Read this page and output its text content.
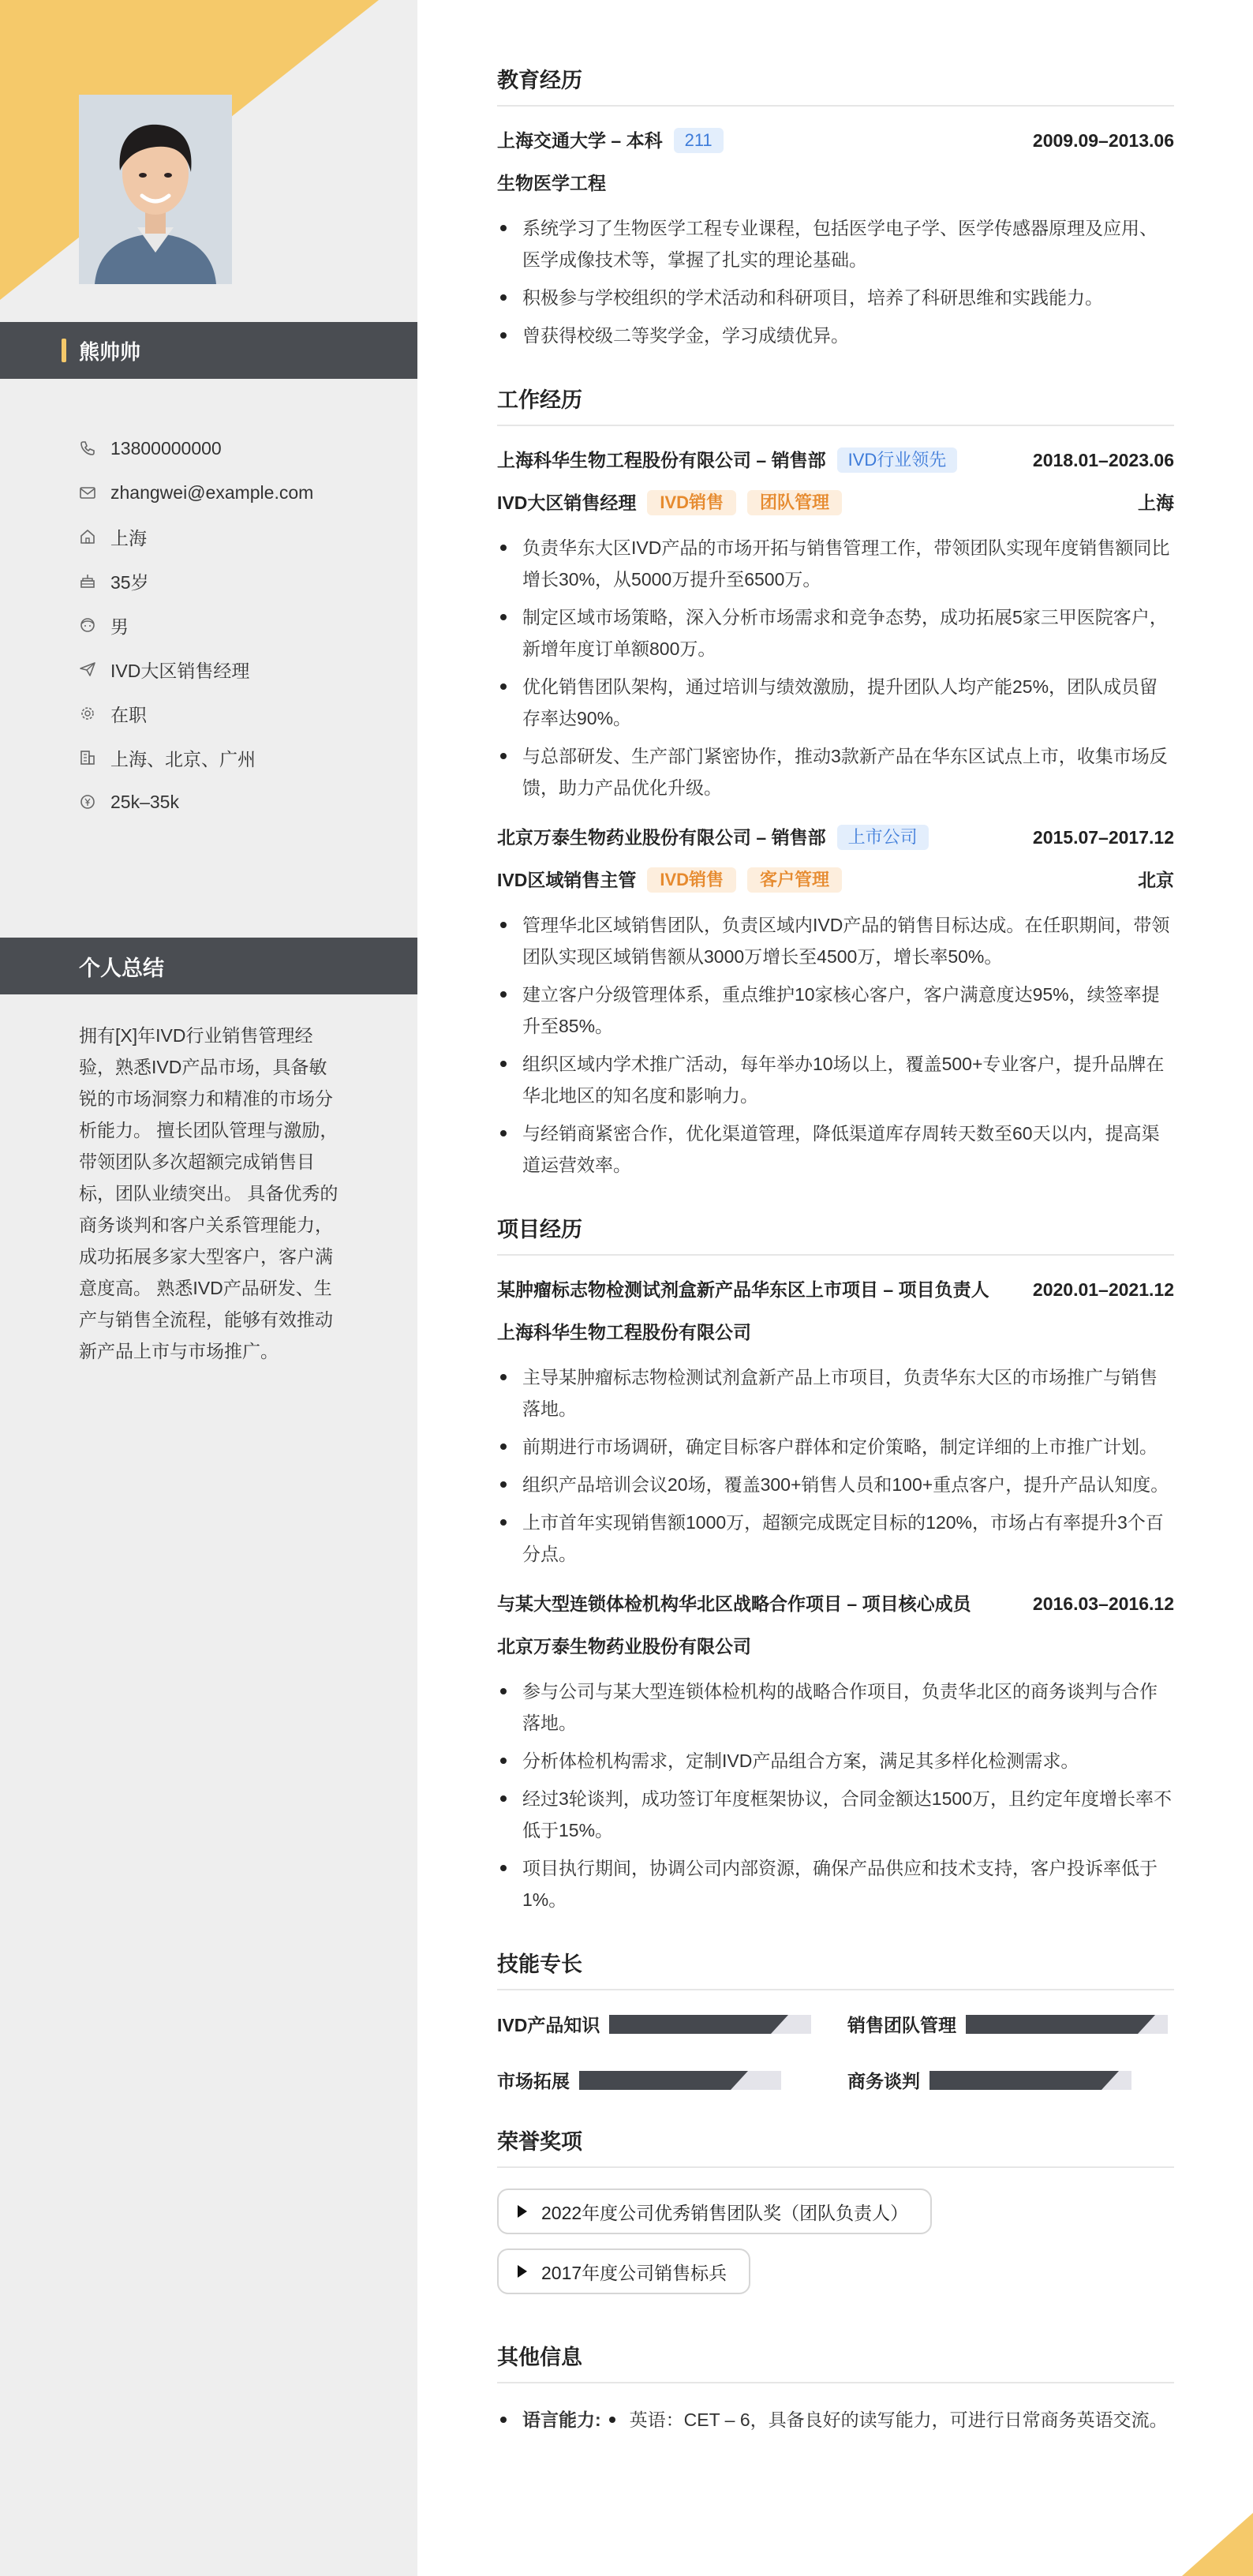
熊帅帅
13800000000
zhangwei@example.com
上海
35岁
男
IVD大区销售经理
在职
上海、北京、广州
25k–35k
个人总结

拥有[X]年IVD行业销售管理经验，熟悉IVD产品市场，具备敏锐的市场洞察力和精准的市场分析能力。 擅长团队管理与激励，带领团队多次超额完成销售目标，团队业绩突出。 具备优秀的商务谈判和客户关系管理能力，成功拓展多家大型客户，客户满意度高。 熟悉IVD产品研发、生产与销售全流程，能够有效推动新产品上市与市场推广。

教育经历
上海交通大学 – 本科	211	2009.09–2013.06
生物医学工程
系统学习了生物医学工程专业课程，包括医学电子学、医学传感器原理及应用、医学成像技术等，掌握了扎实的理论基础。
积极参与学校组织的学术活动和科研项目，培养了科研思维和实践能力。
曾获得校级二等奖学金，学习成绩优异。
工作经历
上海科华生物工程股份有限公司 – 销售部	IVD行业领先	2018.01–2023.06
IVD大区销售经理	IVD销售	团队管理	上海
负责华东大区IVD产品的市场开拓与销售管理工作，带领团队实现年度销售额同比增长30%，从5000万提升至6500万。
制定区域市场策略，深入分析市场需求和竞争态势，成功拓展5家三甲医院客户，新增年度订单额800万。
优化销售团队架构，通过培训与绩效激励，提升团队人均产能25%，团队成员留存率达90%。
与总部研发、生产部门紧密协作，推动3款新产品在华东区试点上市，收集市场反馈，助力产品优化升级。
北京万泰生物药业股份有限公司 – 销售部	上市公司	2015.07–2017.12
IVD区域销售主管	IVD销售	客户管理	北京
管理华北区域销售团队，负责区域内IVD产品的销售目标达成。在任职期间，带领团队实现区域销售额从3000万增长至4500万，增长率50%。
建立客户分级管理体系，重点维护10家核心客户，客户满意度达95%，续签率提升至85%。
组织区域内学术推广活动，每年举办10场以上，覆盖500+专业客户，提升品牌在华北地区的知名度和影响力。
与经销商紧密合作，优化渠道管理，降低渠道库存周转天数至60天以内，提高渠道运营效率。
项目经历
某肿瘤标志物检测试剂盒新产品华东区上市项目 – 项目负责人 2020.01–2021.12
上海科华生物工程股份有限公司
主导某肿瘤标志物检测试剂盒新产品上市项目，负责华东大区的市场推广与销售落地。
前期进行市场调研，确定目标客户群体和定价策略，制定详细的上市推广计划。
组织产品培训会议20场，覆盖300+销售人员和100+重点客户，提升产品认知度。
上市首年实现销售额1000万，超额完成既定目标的120%，市场占有率提升3个百分点。
与某大型连锁体检机构华北区战略合作项目 – 项目核心成员	2016.03–2016.12
北京万泰生物药业股份有限公司
参与公司与某大型连锁体检机构的战略合作项目，负责华北区的商务谈判与合作落地。
分析体检机构需求，定制IVD产品组合方案，满足其多样化检测需求。
经过3轮谈判，成功签订年度框架协议，合同金额达1500万，且约定年度增长率不低于15%。
项目执行期间，协调公司内部资源，确保产品供应和技术支持，客户投诉率低于1%。
技能专长
IVD产品知识	销售团队管理
市场拓展	商务谈判
荣誉奖项
2022年度公司优秀销售团队奖（团队负责人）
2017年度公司销售标兵
其他信息
语言能力:	英语：CET – 6，具备良好的读写能力，可进行日常商务英语交流。
